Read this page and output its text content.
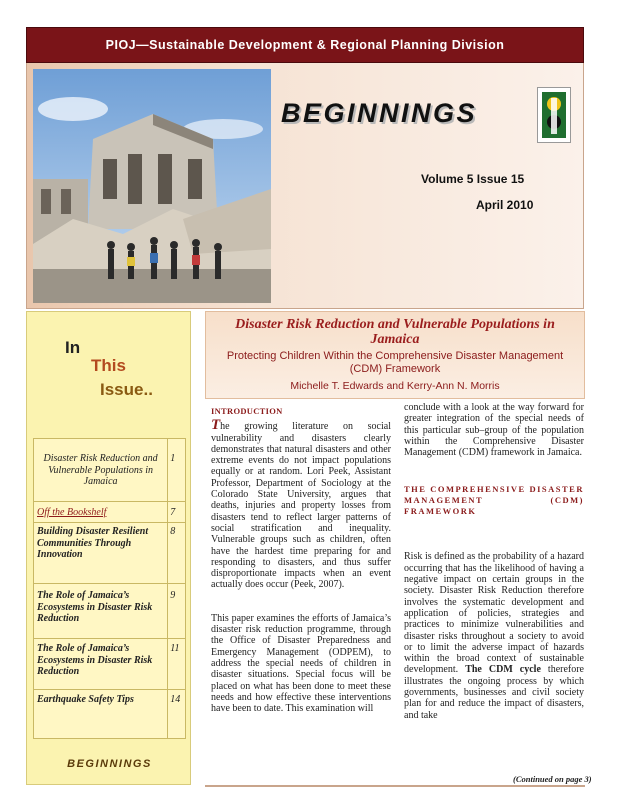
PIOJ—Sustainable Development & Regional Planning Division
BEGINNINGS
Volume 5 Issue 15
April 2010
In
This
Issue..
Disaster Risk Reduction and Vulnerable Populations in Jamaica
1
Off the Bookshelf	7
Building Disaster Resilient Communities Through Innovation
8
The Role of Jamaica’s Ecosystems in Disaster Risk Reduction
9
The Role of Jamaica’s Ecosystems in Disaster Risk Reduction
11
Earthquake Safety Tips	14
BEGINNINGS
Disaster Risk Reduction and Vulnerable Populations in Jamaica
Protecting Children Within the Comprehensive Disaster Management (CDM) Framework
Michelle T. Edwards and Kerry-Ann N. Morris
INTRODUCTION

The growing literature on social vulnerability and disasters clearly demonstrates that natural disasters and other extreme events do not impact populations equally or at random. Lori Peek, Assistant Professor, Department of Sociology at the Colorado State University, argues that deaths, injuries and property losses from disasters tend to reflect larger patterns of social stratification and inequality. Vulnerable groups such as children, often have the hardest time preparing for and responding to disasters, and thus suffer disproportionate impacts when an event actually does occur (Peek, 2007).

This paper examines the efforts of Jamaica’s disaster risk reduction programme, through the Office of Disaster Preparedness and Emergency Management (ODPEM), to address the special needs of children in disaster situations. Special focus will be placed on what has been done to meet these needs and how effective these interventions have been to date. This examination will

conclude with a look at the way forward for greater integration of the special needs of this particular sub–group of the population within the Comprehensive Disaster Management (CDM) framework in Jamaica.

THE COMPREHENSIVE DISASTER MANAGEMENT (CDM) FRAMEWORK

Risk is defined as the probability of a hazard occurring that has the likelihood of having a negative impact on certain groups in the society. Disaster Risk Reduction therefore involves the systematic development and application of policies, strategies and practices to minimize vulnerabilities and disaster risks throughout a society to avoid or to limit the adverse impact of hazards within the broad context of sustainable development. The CDM cycle therefore illustrates the ongoing process by which governments, businesses and civil society plan for and reduce the impact of disasters, and take

(Continued on page 3)
